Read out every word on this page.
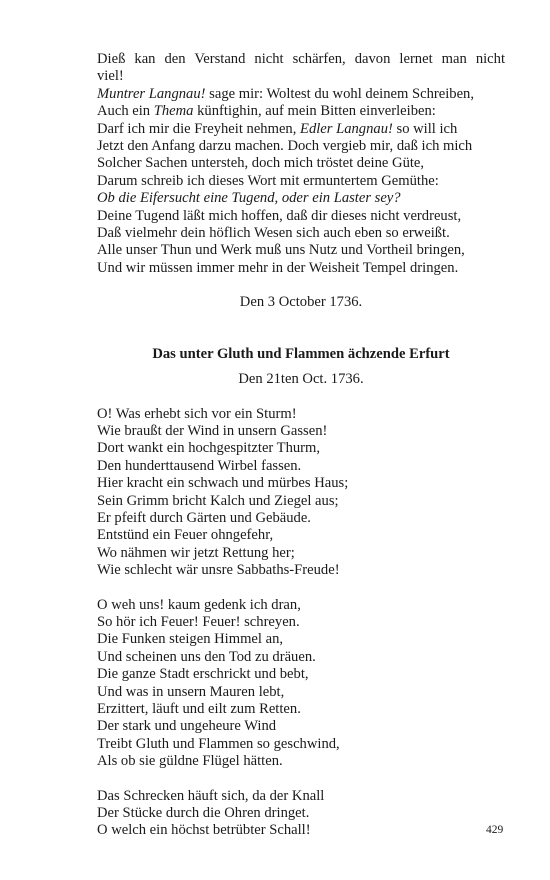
Dieß kan den Verstand nicht schärfen, davon lernet man nicht
viel!
Muntrer Langnau! sage mir: Woltest du wohl deinem Schreiben,
Auch ein Thema künftighin, auf mein Bitten einverleiben:
Darf ich mir die Freyheit nehmen, Edler Langnau! so will ich
Jetzt den Anfang darzu machen. Doch vergieb mir, daß ich mich
Solcher Sachen untersteh, doch mich tröstet deine Güte,
Darum schreib ich dieses Wort mit ermuntertem Gemüthe:
Ob die Eifersucht eine Tugend, oder ein Laster sey?
Deine Tugend läßt mich hoffen, daß dir dieses nicht verdreust,
Daß vielmehr dein höflich Wesen sich auch eben so erweißt.
Alle unser Thun und Werk muß uns Nutz und Vortheil bringen,
Und wir müssen immer mehr in der Weisheit Tempel dringen.
Den 3 October 1736.
Das unter Gluth und Flammen ächzende Erfurt
Den 21ten Oct. 1736.
O! Was erhebt sich vor ein Sturm!
Wie braußt der Wind in unsern Gassen!
Dort wankt ein hochgespitzter Thurm,
Den hunderttausend Wirbel fassen.
Hier kracht ein schwach und mürbes Haus;
Sein Grimm bricht Kalch und Ziegel aus;
Er pfeift durch Gärten und Gebäude.
Entstünd ein Feuer ohngefehr,
Wo nähmen wir jetzt Rettung her;
Wie schlecht wär unsre Sabbaths-Freude!
O weh uns! kaum gedenk ich dran,
So hör ich Feuer! Feuer! schreyen.
Die Funken steigen Himmel an,
Und scheinen uns den Tod zu dräuen.
Die ganze Stadt erschrickt und bebt,
Und was in unsern Mauren lebt,
Erzittert, läuft und eilt zum Retten.
Der stark und ungeheure Wind
Treibt Gluth und Flammen so geschwind,
Als ob sie güldne Flügel hätten.
Das Schrecken häuft sich, da der Knall
Der Stücke durch die Ohren dringet.
O welch ein höchst betrübter Schall!	429
